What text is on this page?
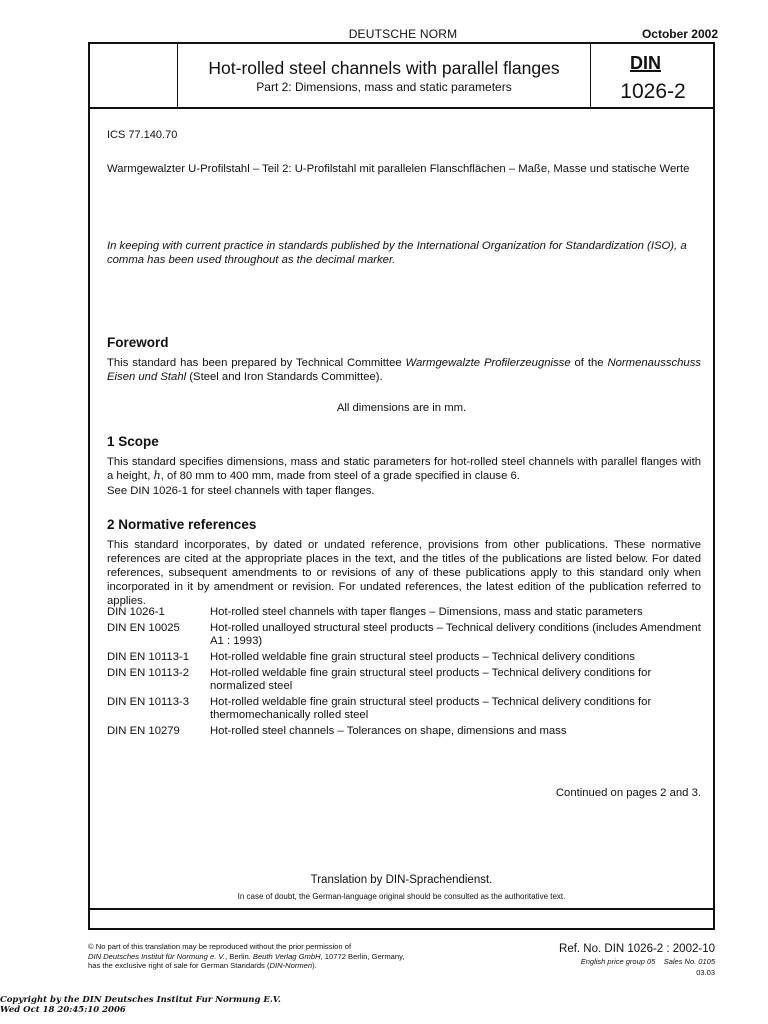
DEUTSCHE NORM	October 2002
Hot-rolled steel channels with parallel flanges
Part 2: Dimensions, mass and static parameters
DIN
1026-2
ICS 77.140.70
Warmgewalzter U-Profilstahl – Teil 2: U-Profilstahl mit parallelen Flanschflächen – Maße, Masse und statische Werte
In keeping with current practice in standards published by the International Organization for Standardization (ISO), a comma has been used throughout as the decimal marker.
Foreword
This standard has been prepared by Technical Committee Warmgewalzte Profilerzeugnisse of the Normenausschuss Eisen und Stahl (Steel and Iron Standards Committee).
All dimensions are in mm.
1 Scope
This standard specifies dimensions, mass and static parameters for hot-rolled steel channels with parallel flanges with a height, h, of 80 mm to 400 mm, made from steel of a grade specified in clause 6.
See DIN 1026-1 for steel channels with taper flanges.
2 Normative references
This standard incorporates, by dated or undated reference, provisions from other publications. These normative references are cited at the appropriate places in the text, and the titles of the publications are listed below. For dated references, subsequent amendments to or revisions of any of these publications apply to this standard only when incorporated in it by amendment or revision. For undated references, the latest edition of the publication referred to applies.
DIN 1026-1	Hot-rolled steel channels with taper flanges – Dimensions, mass and static parameters
DIN EN 10025	Hot-rolled unalloyed structural steel products – Technical delivery conditions (includes Amendment A1 : 1993)
DIN EN 10113-1	Hot-rolled weldable fine grain structural steel products – Technical delivery conditions
DIN EN 10113-2	Hot-rolled weldable fine grain structural steel products – Technical delivery conditions for normalized steel
DIN EN 10113-3	Hot-rolled weldable fine grain structural steel products – Technical delivery conditions for thermomechanically rolled steel
DIN EN 10279	Hot-rolled steel channels – Tolerances on shape, dimensions and mass
Continued on pages 2 and 3.
Translation by DIN-Sprachendienst.
In case of doubt, the German-language original should be consulted as the authoritative text.
© No part of this translation may be reproduced without the prior permission of
DIN Deutsches Institut für Normung e. V., Berlin. Beuth Verlag GmbH, 10772 Berlin, Germany,
has the exclusive right of sale for German Standards (DIN-Normen).
Ref. No. DIN 1026-2 : 2002-10
English price group 05 Sales No. 0105
03.03
Copyright by the DIN Deutsches Institut Fur Normung E.V.
Wed Oct 18 20:45:10 2006
